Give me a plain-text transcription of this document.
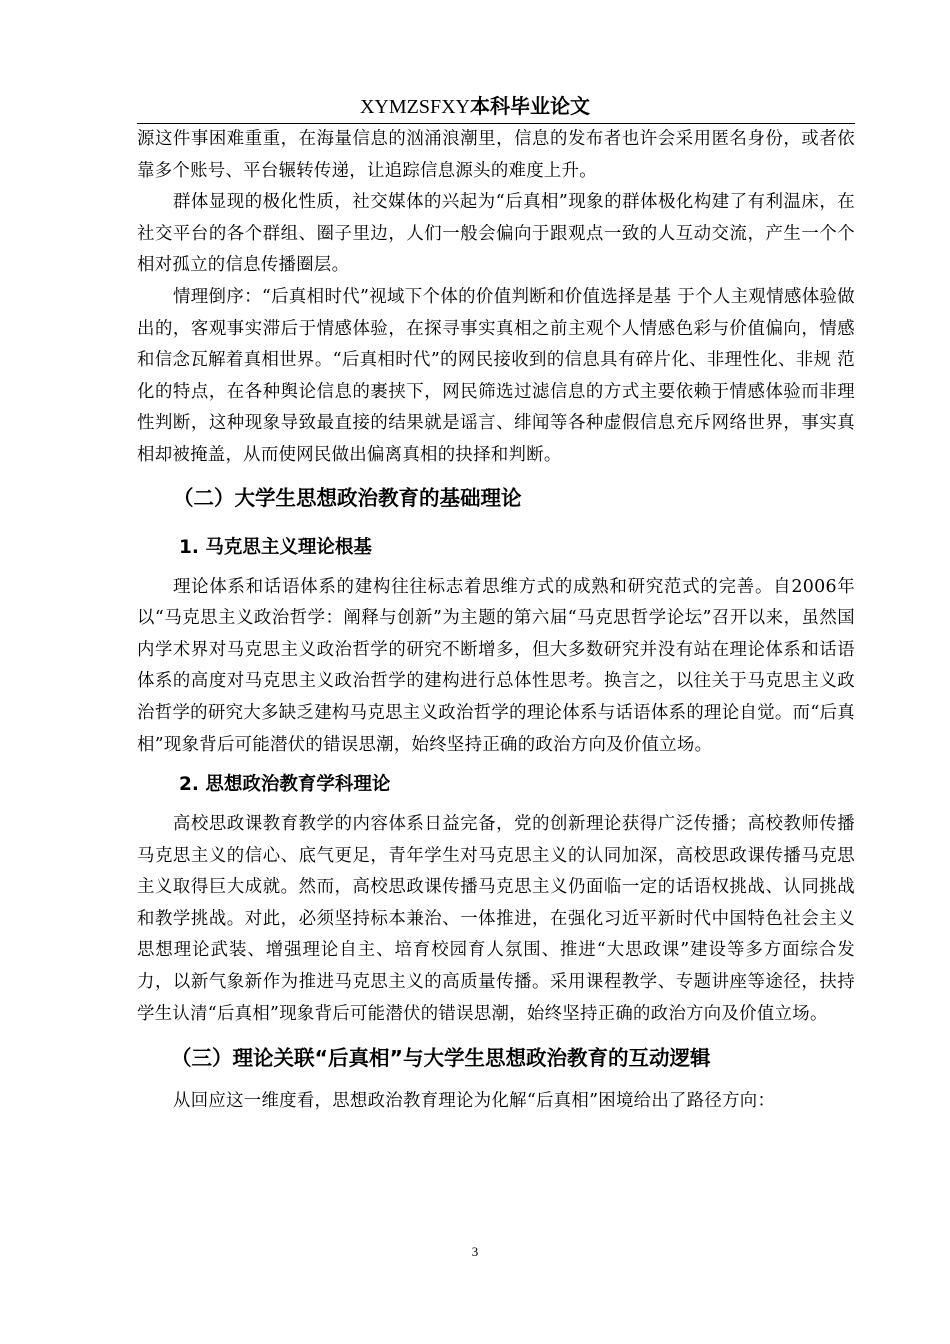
XYMZSFXY本科毕业论文

源这件事困难重重，在海量信息的汹涌浪潮里，信息的发布者也许会采用匿名身份，或者依靠多个账号、平台辗转传递，让追踪信息源头的难度上升。

群体显现的极化性质，社交媒体的兴起为“后真相”现象的群体极化构建了有利温床，在社交平台的各个群组、圈子里边，人们一般会偏向于跟观点一致的人互动交流，产生一个个相对孤立的信息传播圈层。

情理倒序：“后真相时代”视域下个体的价值判断和价值选择是基 于个人主观情感体验做出的，客观事实滞后于情感体验，在探寻事实真相之前主观个人情感色彩与价值偏向，情感和信念瓦解着真相世界。“后真相时代”的网民接收到的信息具有碎片化、非理性化、非规 范化的特点，在各种舆论信息的裹挟下，网民筛选过滤信息的方式主要依赖于情感体验而非理性判断，这种现象导致最直接的结果就是谣言、绯闻等各种虚假信息充斥网络世界，事实真相却被掩盖，从而使网民做出偏离真相的抉择和判断。

（二）大学生思想政治教育的基础理论
1. 马克思主义理论根基

理论体系和话语体系的建构往往标志着思维方式的成熟和研究范式的完善。自2006年以“马克思主义政治哲学：阐释与创新”为主题的第六届“马克思哲学论坛”召开以来，虽然国内学术界对马克思主义政治哲学的研究不断增多，但大多数研究并没有站在理论体系和话语体系的高度对马克思主义政治哲学的建构进行总体性思考。换言之，以往关于马克思主义政治哲学的研究大多缺乏建构马克思主义政治哲学的理论体系与话语体系的理论自觉。而“后真相”现象背后可能潜伏的错误思潮，始终坚持正确的政治方向及价值立场。

2. 思想政治教育学科理论

高校思政课教育教学的内容体系日益完备，党的创新理论获得广泛传播；高校教师传播马克思主义的信心、底气更足，青年学生对马克思主义的认同加深，高校思政课传播马克思主义取得巨大成就。然而，高校思政课传播马克思主义仍面临一定的话语权挑战、认同挑战和教学挑战。对此，必须坚持标本兼治、一体推进，在强化习近平新时代中国特色社会主义思想理论武装、增强理论自主、培育校园育人氛围、推进“大思政课”建设等多方面综合发力，以新气象新作为推进马克思主义的高质量传播。采用课程教学、专题讲座等途径，扶持学生认清“后真相”现象背后可能潜伏的错误思潮，始终坚持正确的政治方向及价值立场。

（三）理论关联“后真相”与大学生思想政治教育的互动逻辑

从回应这一维度看，思想政治教育理论为化解“后真相”困境给出了路径方向：

3
